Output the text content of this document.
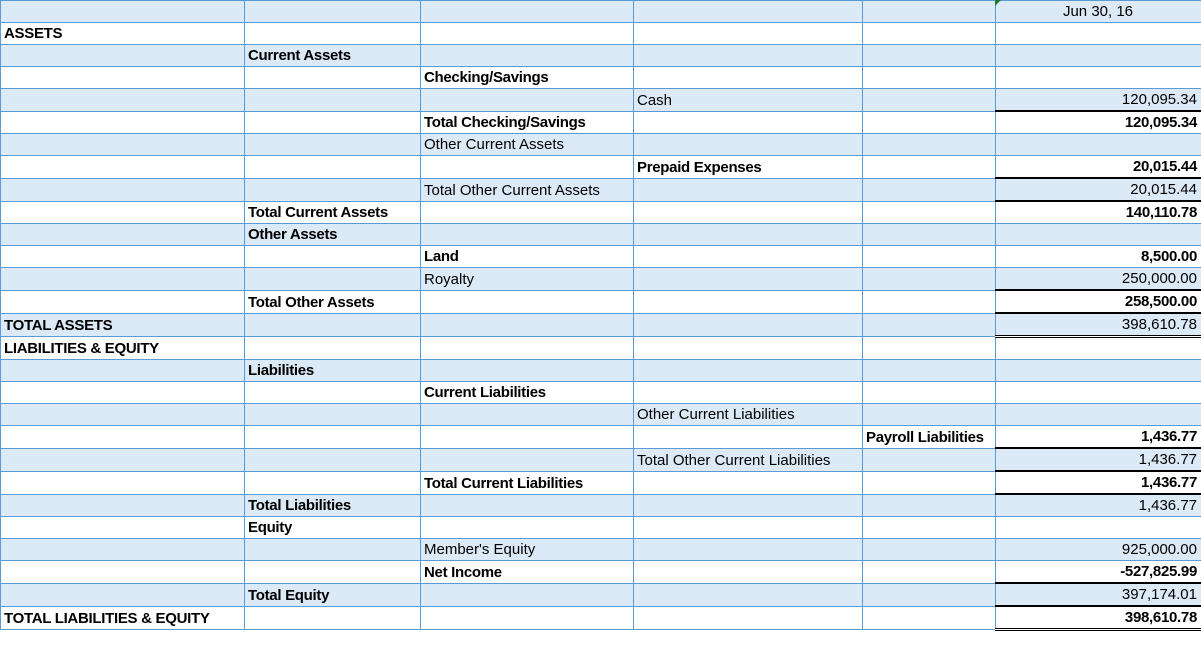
					Jun 30, 16
ASSETS					
	Current Assets				
		Checking/Savings			
			Cash		120,095.34
		Total Checking/Savings			120,095.34
		Other Current Assets			
			Prepaid Expenses		20,015.44
		Total Other Current Assets			20,015.44
	Total Current Assets				140,110.78
	Other Assets				
		Land			8,500.00
		Royalty			250,000.00
	Total Other Assets				258,500.00
TOTAL ASSETS					398,610.78
LIABILITIES & EQUITY					
	Liabilities				
		Current Liabilities			
			Other Current Liabilities		
				Payroll Liabilities	1,436.77
			Total Other Current Liabilities		1,436.77
		Total Current Liabilities			1,436.77
	Total Liabilities				1,436.77
	Equity				
		Member's Equity			925,000.00
		Net Income			-527,825.99
	Total Equity				397,174.01
TOTAL LIABILITIES & EQUITY					398,610.78
